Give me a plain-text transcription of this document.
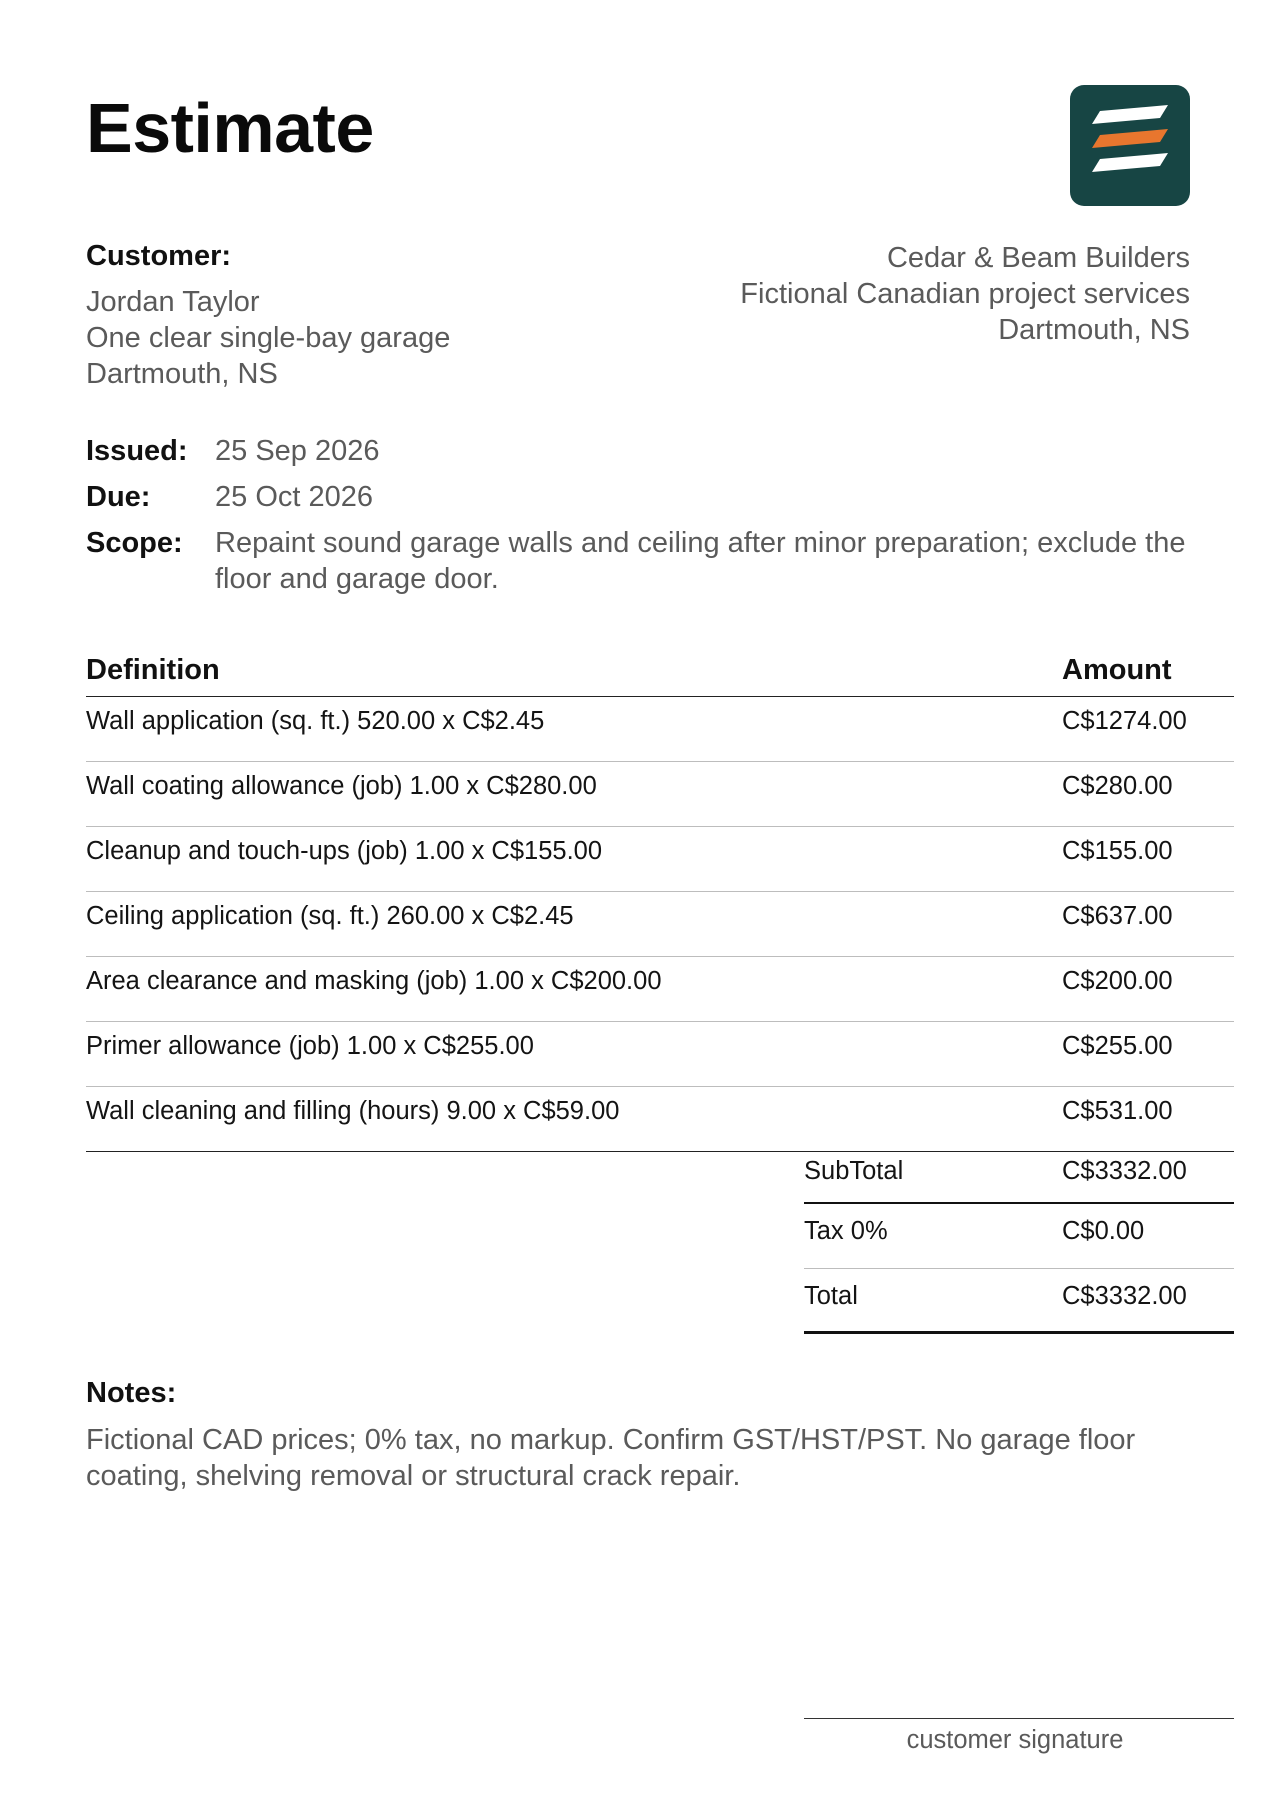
Estimate
Customer:
Jordan Taylor
One clear single-bay garage
Dartmouth, NS
Cedar & Beam Builders
Fictional Canadian project services
Dartmouth, NS
Issued: 25 Sep 2026
Due:	25 Oct 2026
Scope:	Repaint sound garage walls and ceiling after minor preparation; exclude the floor and garage door.
Definition	Amount
Wall application (sq. ft.) 520.00 x C$2.45	C$1274.00
Wall coating allowance (job) 1.00 x C$280.00	C$280.00
Cleanup and touch-ups (job) 1.00 x C$155.00	C$155.00
Ceiling application (sq. ft.) 260.00 x C$2.45	C$637.00
Area clearance and masking (job) 1.00 x C$200.00	C$200.00
Primer allowance (job) 1.00 x C$255.00	C$255.00
Wall cleaning and filling (hours) 9.00 x C$59.00	C$531.00
SubTotal	C$3332.00
Tax 0%	C$0.00
Total	C$3332.00
Notes:
Fictional CAD prices; 0% tax, no markup. Confirm GST/HST/PST. No garage floor coating, shelving removal or structural crack repair.
customer signature
